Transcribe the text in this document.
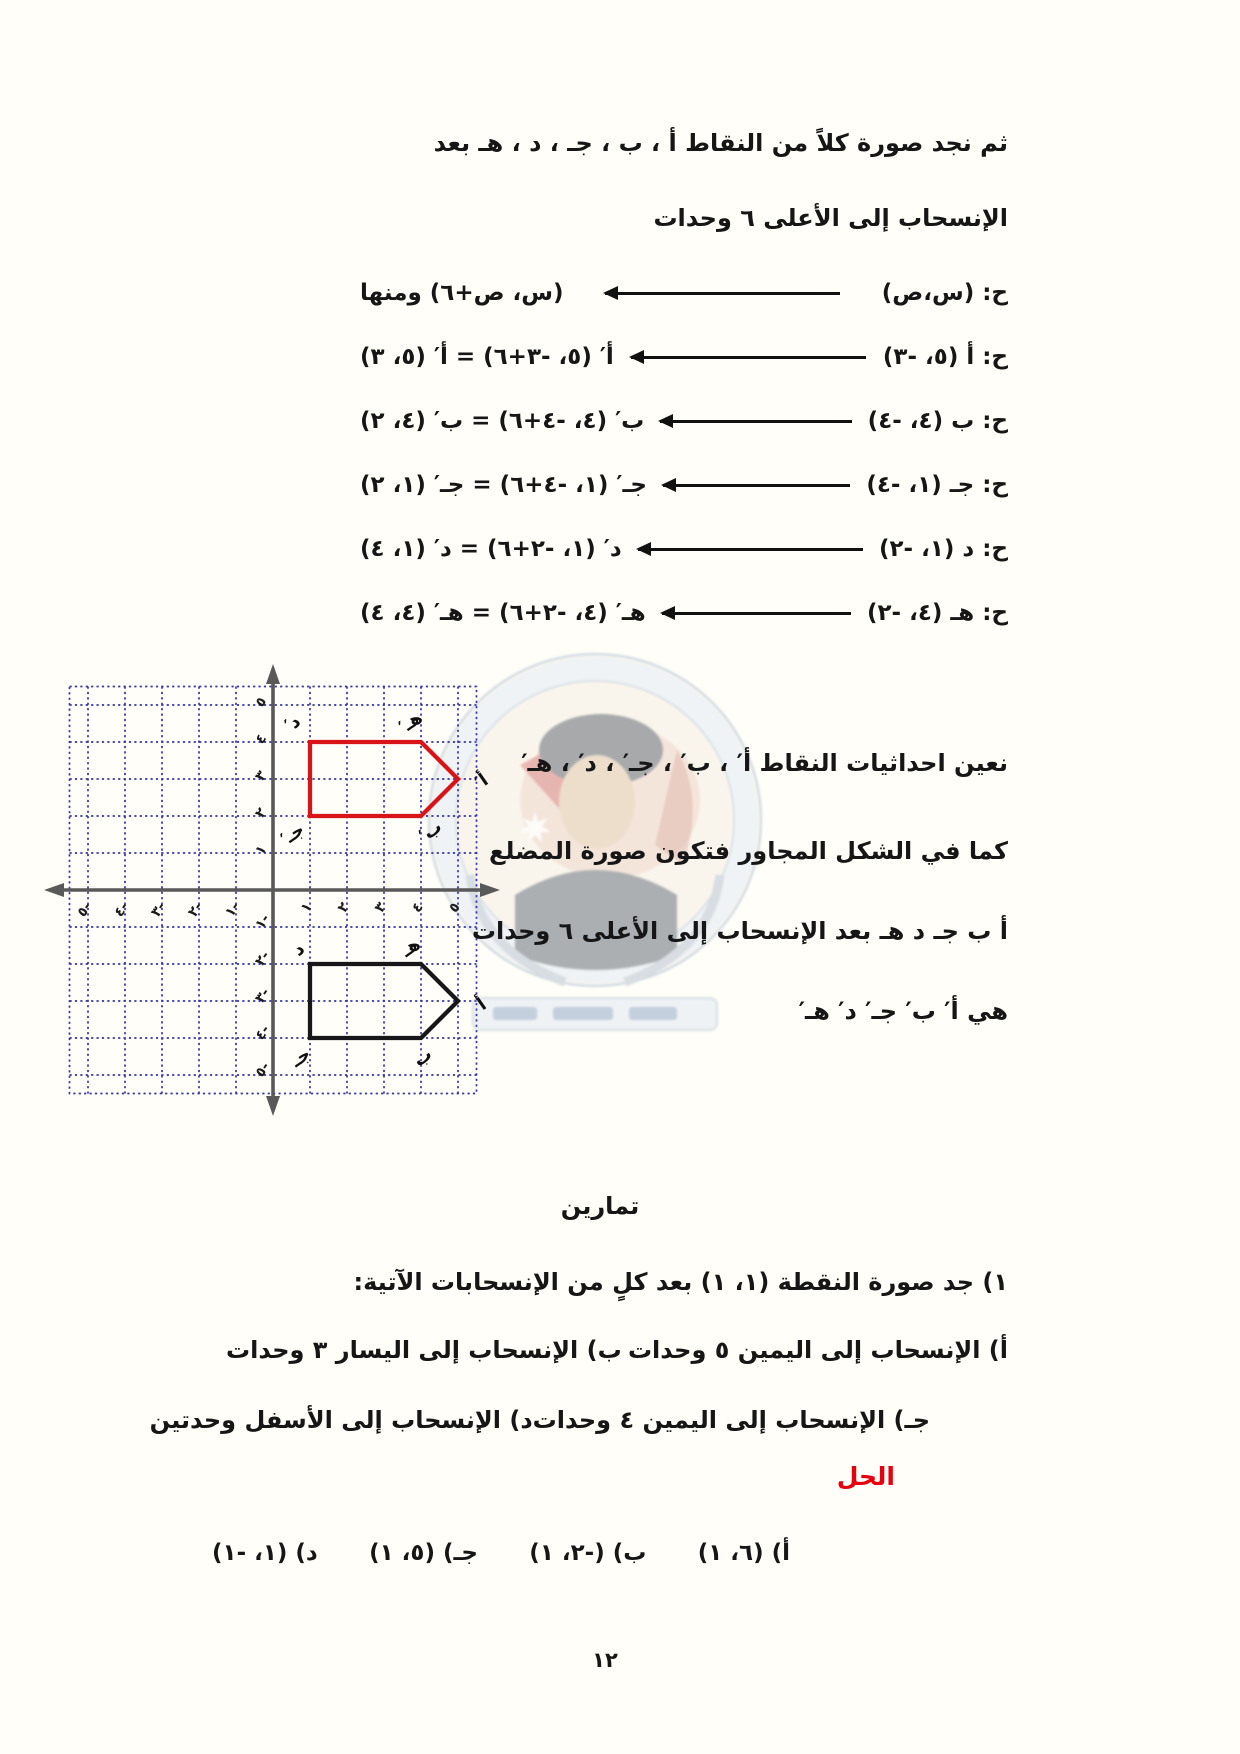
ثم نجد صورة كلاً من النقاط أ ، ب ، جـ ، د ، هـ بعد
الإنسحاب إلى الأعلى ٦ وحدات
ح: (س،ص)
(س، ص+٦) ومنها
ح: أ (٥، -٣)
أ′ (٥، -٣+٦) = أ′ (٥، ٣)
ح: ب (٤، -٤)
ب′ (٤، -٤+٦) = ب′ (٤، ٢)
ح: جـ (١، -٤)
جـ′ (١، -٤+٦) = جـ′ (١، ٢)
ح: د (١، -٢)
د′ (١، -٢+٦) = د′ (١، ٤)
ح: هـ (٤، -٢)
هـ′ (٤، -٢+٦) = هـ′ (٤، ٤)
١ ٢ ٣ ٤ ٥
-١
-٢
-٣
-٤
-٥
١
٢
٣
٤
٥
-١
-٢
-٣
-٤
-٥
د′	هـ′
أ′
ب′
جـ′
د	هـ
أ
ب
جـ
نعين احداثيات النقاط أ′ ، ب′ ، جـ′ ، د′ ، هـ′
كما في الشكل المجاور فتكون صورة المضلع
أ ب جـ د هـ بعد الإنسحاب إلى الأعلى ٦ وحدات
هي أ′ ب′ جـ′ د′ هـ′
تمارين
١) جد صورة النقطة (١، ١) بعد كلٍ من الإنسحابات الآتية:
أ) الإنسحاب إلى اليمين ٥ وحدات
ب) الإنسحاب إلى اليسار ٣ وحدات
جـ) الإنسحاب إلى اليمين ٤ وحدات
د) الإنسحاب إلى الأسفل وحدتين
الحل
أ) (٦، ١)
ب) (-٢، ١)
جـ) (٥، ١)
د) (١، -١)
١٢
